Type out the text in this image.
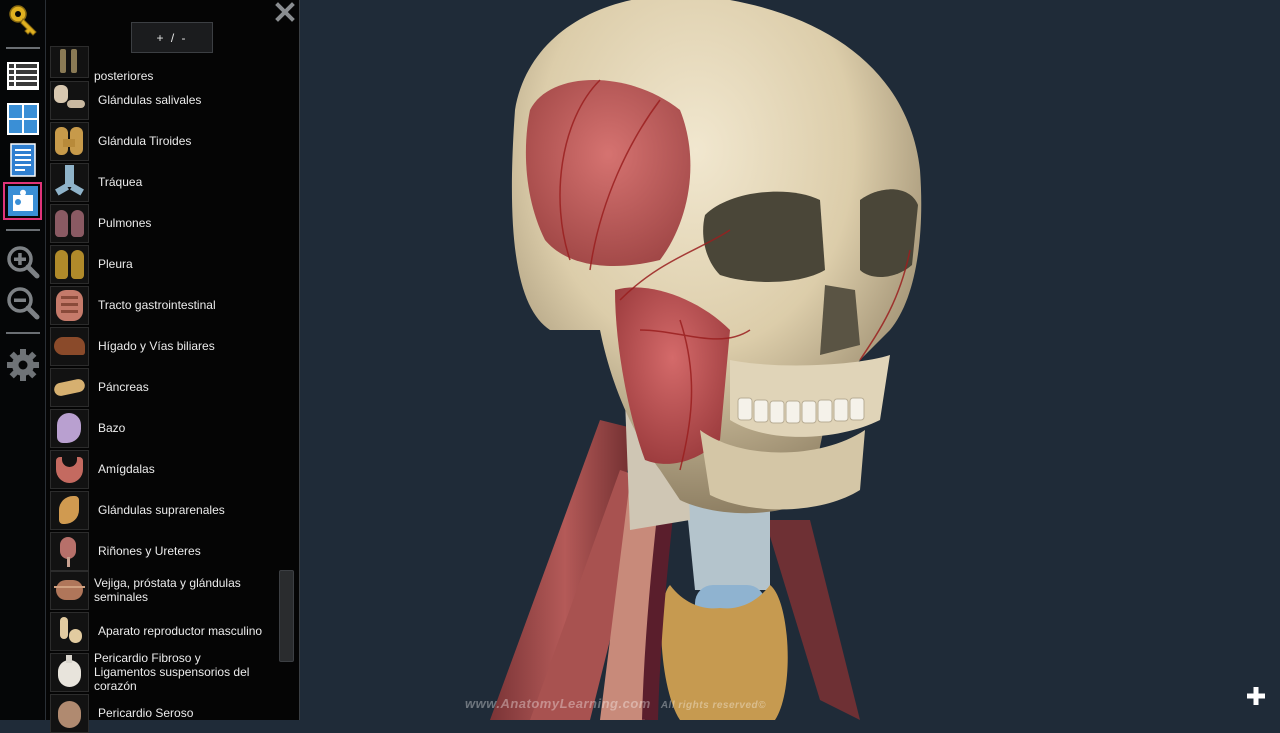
posteriores
Glándulas salivales
Glándula Tiroides
Tráquea
Pulmones
Pleura
Tracto gastrointestinal
Hígado y Vías biliares
Páncreas
Bazo
Amígdalas
Glándulas suprarenales
Riñones y Ureteres
Vejiga, próstata y glándulas seminales
Aparato reproductor masculino
Pericardio Fibroso y Ligamentos suspensorios del corazón
Pericardio Seroso
+ / -
www.AnatomyLearning.com All rights reserved©
